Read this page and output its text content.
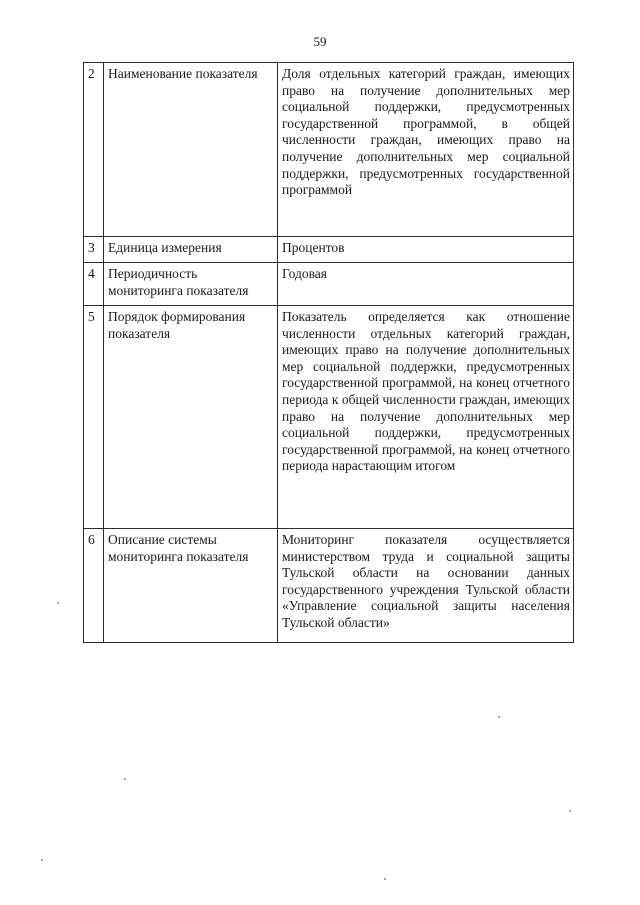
59
2	Наименование показателя	Доля отдельных категорий граждан, имеющих право на получение дополнительных мер социальной поддержки, предусмотренных государственной программой, в общей численности граждан, имеющих право на получение дополнительных мер социальной поддержки, предусмотренных государственной программой
3	Единица измерения	Процентов
4	Периодичность мониторинга показателя	Годовая
5	Порядок формирования показателя	Показатель определяется как отношение численности отдельных категорий граждан, имеющих право на получение дополнительных мер социальной поддержки, предусмотренных государственной программой, на конец отчетного периода к общей численности граждан, имеющих право на получение дополнительных мер социальной поддержки, предусмотренных государственной программой, на конец отчетного периода нарастающим итогом
6	Описание системы мониторинга показателя	Мониторинг показателя осуществляется министерством труда и социальной защиты Тульской области на основании данных государственного учреждения Тульской области «Управление социальной защиты населения Тульской области»
